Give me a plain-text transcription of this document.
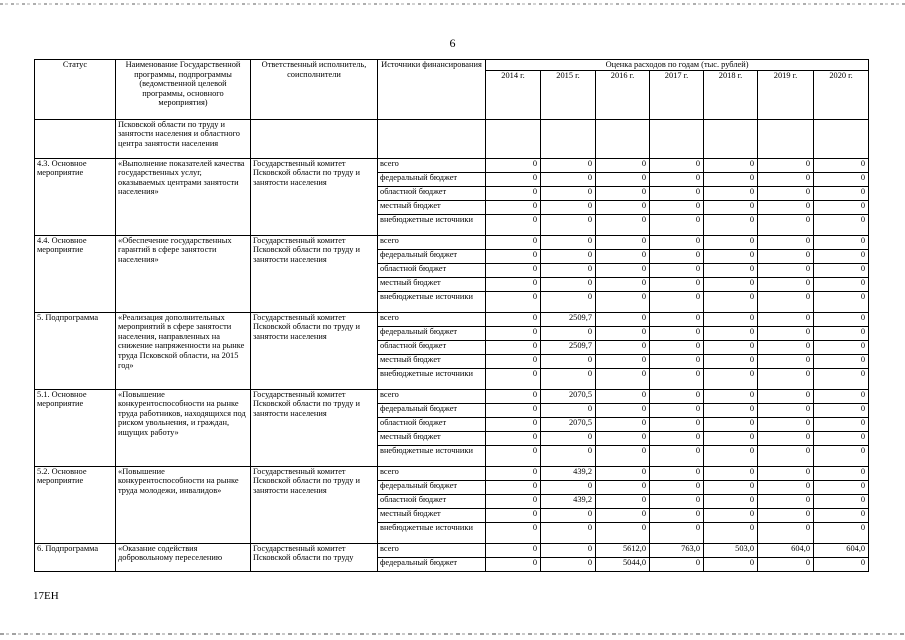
6
Статус	Наименование Государственной программы, подпрограммы (ведомственной целевой программы, основного мероприятия)	Ответственный исполнитель, соисполнители	Источники финансирования	Оценка расходов по годам (тыс. рублей)						
				2014 г.	2015 г.	2016 г.	2017 г.	2018 г.	2019 г.	2020 г.
	Псковской области по труду и занятости населения и областного центра занятости населения									
4.3. Основное мероприятие	«Выполнение показателей качества государственных услуг, оказываемых центрами занятости населения»	Государственный комитет Псковской области по труду и занятости населения	всего	0	0	0	0	0	0	0
			федеральный бюджет	0	0	0	0	0	0	0
			областной бюджет	0	0	0	0	0	0	0
			местный бюджет	0	0	0	0	0	0	0
			внебюджетные источники	0	0	0	0	0	0	0
4.4. Основное мероприятие	«Обеспечение государственных гарантий в сфере занятости населения»	Государственный комитет Псковской области по труду и занятости населения	всего	0	0	0	0	0	0	0
			федеральный бюджет	0	0	0	0	0	0	0
			областной бюджет	0	0	0	0	0	0	0
			местный бюджет	0	0	0	0	0	0	0
			внебюджетные источники	0	0	0	0	0	0	0
5. Подпрограмма	«Реализация дополнительных мероприятий в сфере занятости населения, направленных на снижение напряженности на рынке труда Псковской области, на 2015 год»	Государственный комитет Псковской области по труду и занятости населения	всего	0	2509,7	0	0	0	0	0
			федеральный бюджет	0	0	0	0	0	0	0
			областной бюджет	0	2509,7	0	0	0	0	0
			местный бюджет	0	0	0	0	0	0	0
			внебюджетные источники	0	0	0	0	0	0	0
5.1. Основное мероприятие	«Повышение конкурентоспособности на рынке труда работников, находящихся под риском увольнения, и граждан, ищущих работу»	Государственный комитет Псковской области по труду и занятости населения	всего	0	2070,5	0	0	0	0	0
			федеральный бюджет	0	0	0	0	0	0	0
			областной бюджет	0	2070,5	0	0	0	0	0
			местный бюджет	0	0	0	0	0	0	0
			внебюджетные источники	0	0	0	0	0	0	0
5.2. Основное мероприятие	«Повышение конкурентоспособности на рынке труда молодежи, инвалидов»	Государственный комитет Псковской области по труду и занятости населения	всего	0	439,2	0	0	0	0	0
			федеральный бюджет	0	0	0	0	0	0	0
			областной бюджет	0	439,2	0	0	0	0	0
			местный бюджет	0	0	0	0	0	0	0
			внебюджетные источники	0	0	0	0	0	0	0
6. Подпрограмма	«Оказание содействия добровольному переселению	Государственный комитет Псковской области по труду	всего	0	0	5612,0	763,0	503,0	604,0	604,0
			федеральный бюджет	0	0	5044,0	0	0	0	0
17ЕН
